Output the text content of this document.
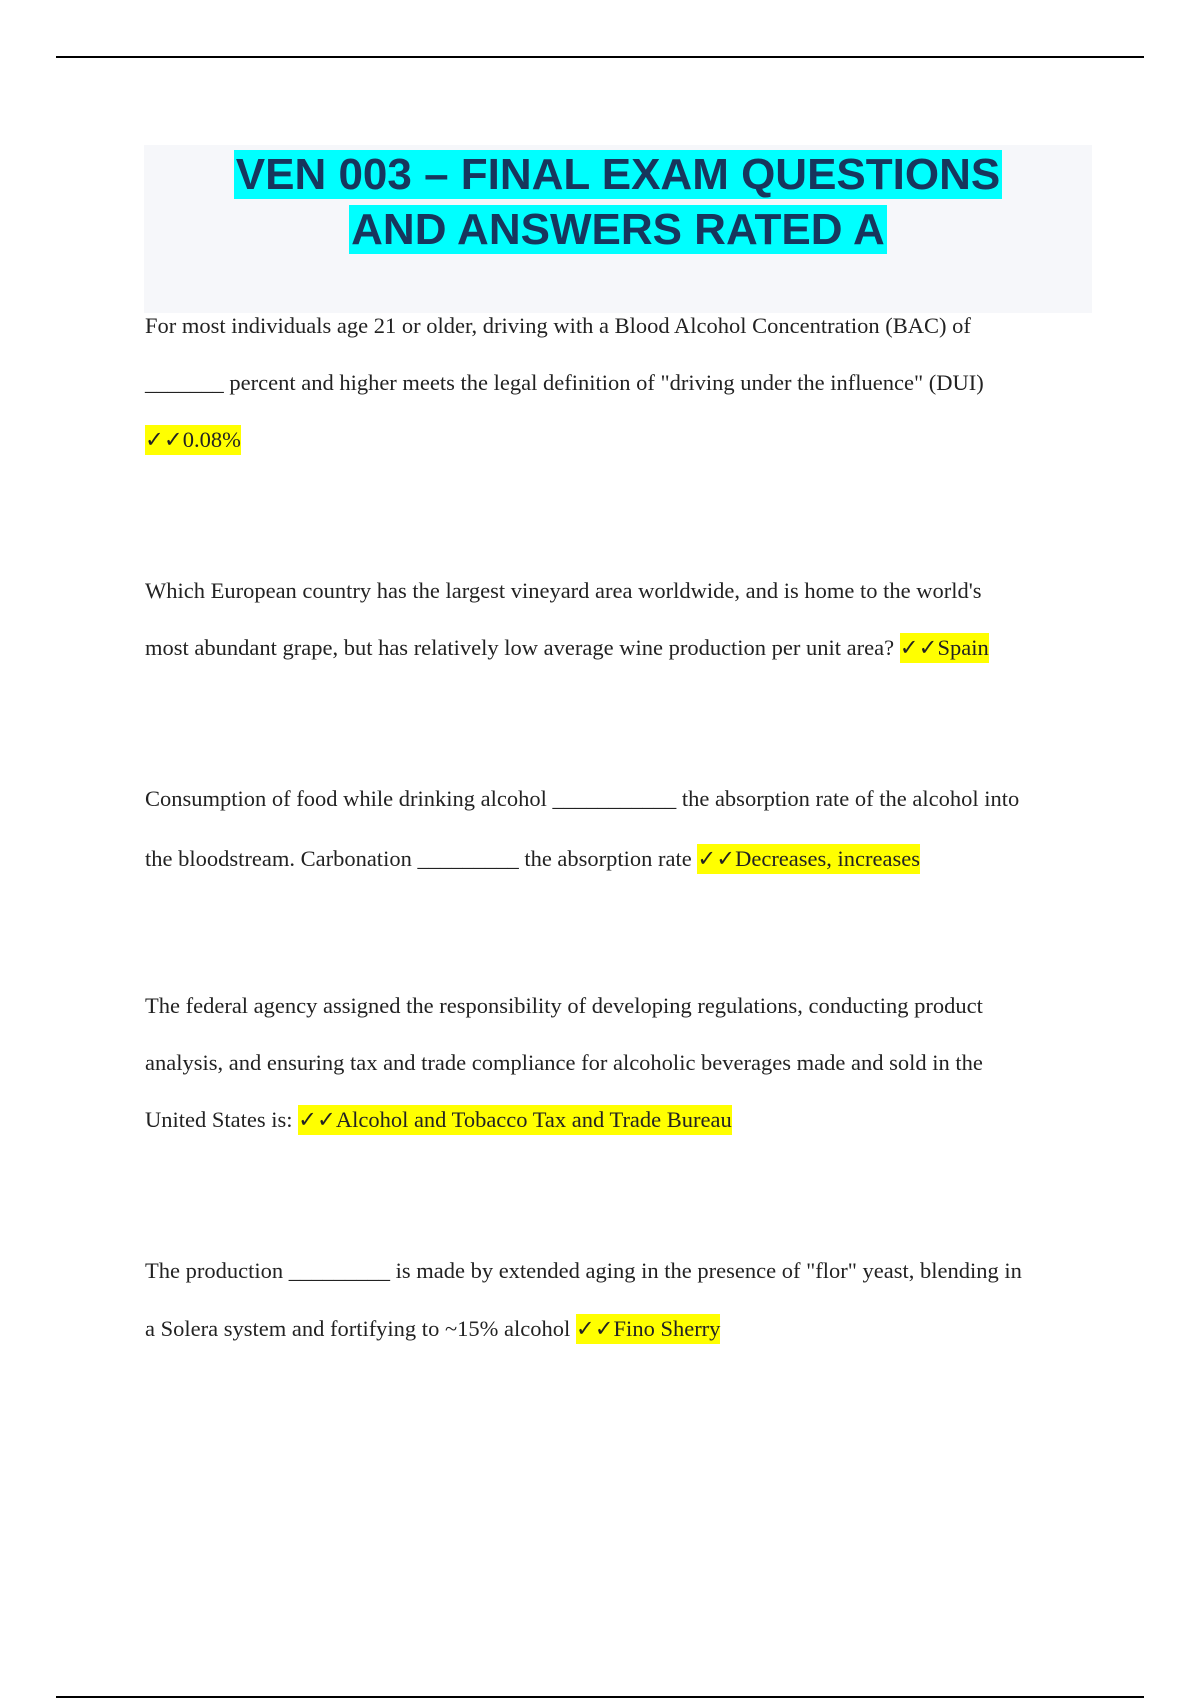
VEN 003 – FINAL EXAM QUESTIONS
AND ANSWERS RATED A
For most individuals age 21 or older, driving with a Blood Alcohol Concentration (BAC) of
_______ percent and higher meets the legal definition of "driving under the influence" (DUI)
✓✓0.08%
Which European country has the largest vineyard area worldwide, and is home to the world's
most abundant grape, but has relatively low average wine production per unit area? ✓✓Spain
Consumption of food while drinking alcohol ___________ the absorption rate of the alcohol into
the bloodstream. Carbonation _________ the absorption rate ✓✓Decreases, increases
The federal agency assigned the responsibility of developing regulations, conducting product
analysis, and ensuring tax and trade compliance for alcoholic beverages made and sold in the
United States is: ✓✓Alcohol and Tobacco Tax and Trade Bureau
The production _________ is made by extended aging in the presence of "flor" yeast, blending in
a Solera system and fortifying to ~15% alcohol ✓✓Fino Sherry
